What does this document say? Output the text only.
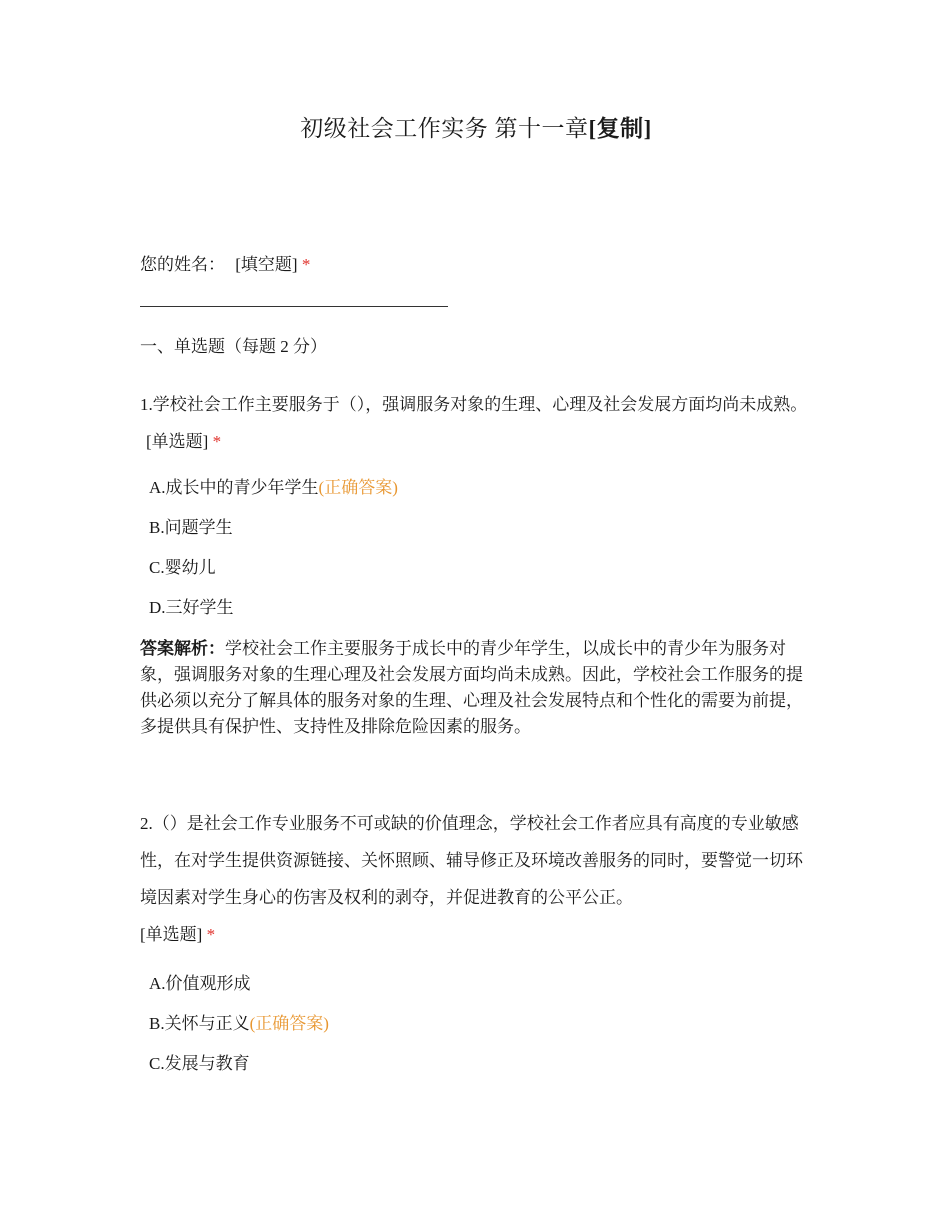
初级社会工作实务 第十一章[复制]
您的姓名： [填空题] *
一、单选题（每题 2 分）
1.学校社会工作主要服务于（），强调服务对象的生理、心理及社会发展方面均尚未成熟。 [单选题] *
A.成长中的青少年学生(正确答案)
B.问题学生
C.婴幼儿
D.三好学生
答案解析：学校社会工作主要服务于成长中的青少年学生，以成长中的青少年为服务对象，强调服务对象的生理心理及社会发展方面均尚未成熟。因此，学校社会工作服务的提供必须以充分了解具体的服务对象的生理、心理及社会发展特点和个性化的需要为前提，多提供具有保护性、支持性及排除危险因素的服务。
2.（）是社会工作专业服务不可或缺的价值理念，学校社会工作者应具有高度的专业敏感性，在对学生提供资源链接、关怀照顾、辅导修正及环境改善服务的同时，要警觉一切环境因素对学生身心的伤害及权利的剥夺，并促进教育的公平公正。
[单选题] *
A.价值观形成
B.关怀与正义(正确答案)
C.发展与教育
